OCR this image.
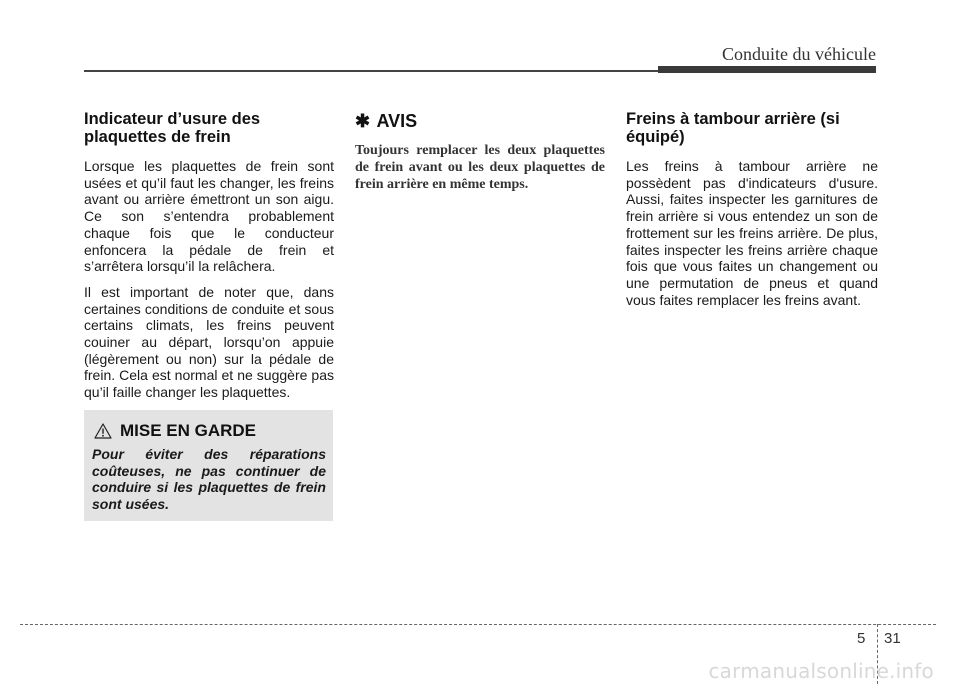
Conduite du véhicule
Indicateur d’usure des plaquettes de frein

Lorsque les plaquettes de frein sont usées et qu’il faut les changer, les freins avant ou arrière émettront un son aigu. Ce son s’entendra probablement chaque fois que le conducteur enfoncera la pédale de frein et s’arrêtera lorsqu’il la relâchera.

Il est important de noter que, dans certaines conditions de conduite et sous certains climats, les freins peuvent couiner au départ, lorsqu’on appuie (légèrement ou non) sur la pédale de frein. Cela est normal et ne suggère pas qu’il faille changer les plaquettes.

MISE EN GARDE

Pour éviter des réparations coûteuses, ne pas continuer de conduire si les plaquettes de frein sont usées.

✱ AVIS

Toujours remplacer les deux plaquettes de frein avant ou les deux plaquettes de frein arrière en même temps.

Freins à tambour arrière (si équipé)

Les freins à tambour arrière ne possèdent pas d'indicateurs d'usure. Aussi, faites inspecter les garnitures de frein arrière si vous entendez un son de frottement sur les freins arrière. De plus, faites inspecter les freins arrière chaque fois que vous faites un changement ou une permutation de pneus et quand vous faites remplacer les freins avant.

5 31
carmanualsonline.info
